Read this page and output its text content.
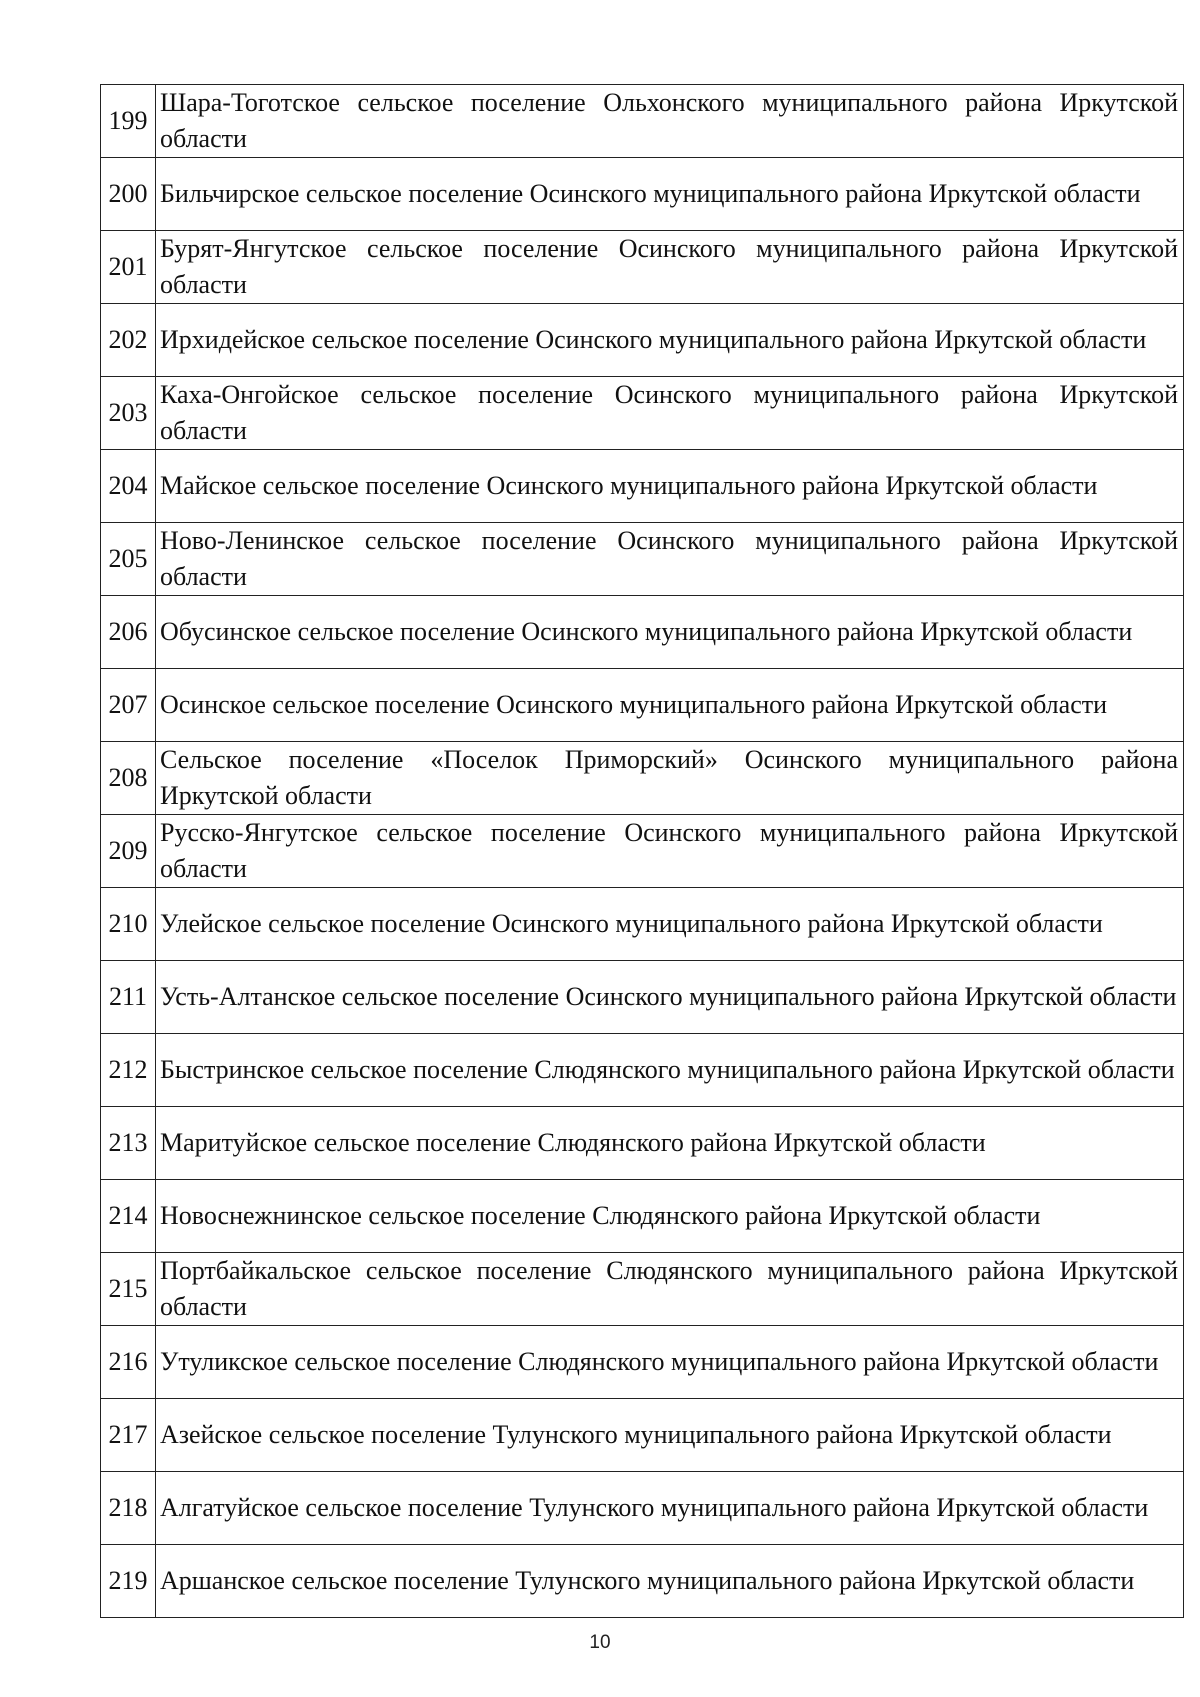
199	Шара-Тоготское сельское поселение Ольхонского муниципального района Иркутской области
200	Бильчирское сельское поселение Осинского муниципального района Иркутской области
201	Бурят-Янгутское сельское поселение Осинского муниципального района Иркутской области
202	Ирхидейское сельское поселение Осинского муниципального района Иркутской области
203	Каха-Онгойское сельское поселение Осинского муниципального района Иркутской области
204	Майское сельское поселение Осинского муниципального района Иркутской области
205	Ново-Ленинское сельское поселение Осинского муниципального района Иркутской области
206	Обусинское сельское поселение Осинского муниципального района Иркутской области
207	Осинское сельское поселение Осинского муниципального района Иркутской области
208	Сельское поселение «Поселок Приморский» Осинского муниципального района Иркутской области
209	Русско-Янгутское сельское поселение Осинского муниципального района Иркутской области
210	Улейское сельское поселение Осинского муниципального района Иркутской области
211	Усть-Алтанское сельское поселение Осинского муниципального района Иркутской области
212	Быстринское сельское поселение Слюдянского муниципального района Иркутской области
213	Маритуйское сельское поселение Слюдянского района Иркутской области
214	Новоснежнинское сельское поселение Слюдянского района Иркутской области
215	Портбайкальское сельское поселение Слюдянского муниципального района Иркутской области
216	Утуликское сельское поселение Слюдянского муниципального района Иркутской области
217	Азейское сельское поселение Тулунского муниципального района Иркутской области
218	Алгатуйское сельское поселение Тулунского муниципального района Иркутской области
219	Аршанское сельское поселение Тулунского муниципального района Иркутской области
10
